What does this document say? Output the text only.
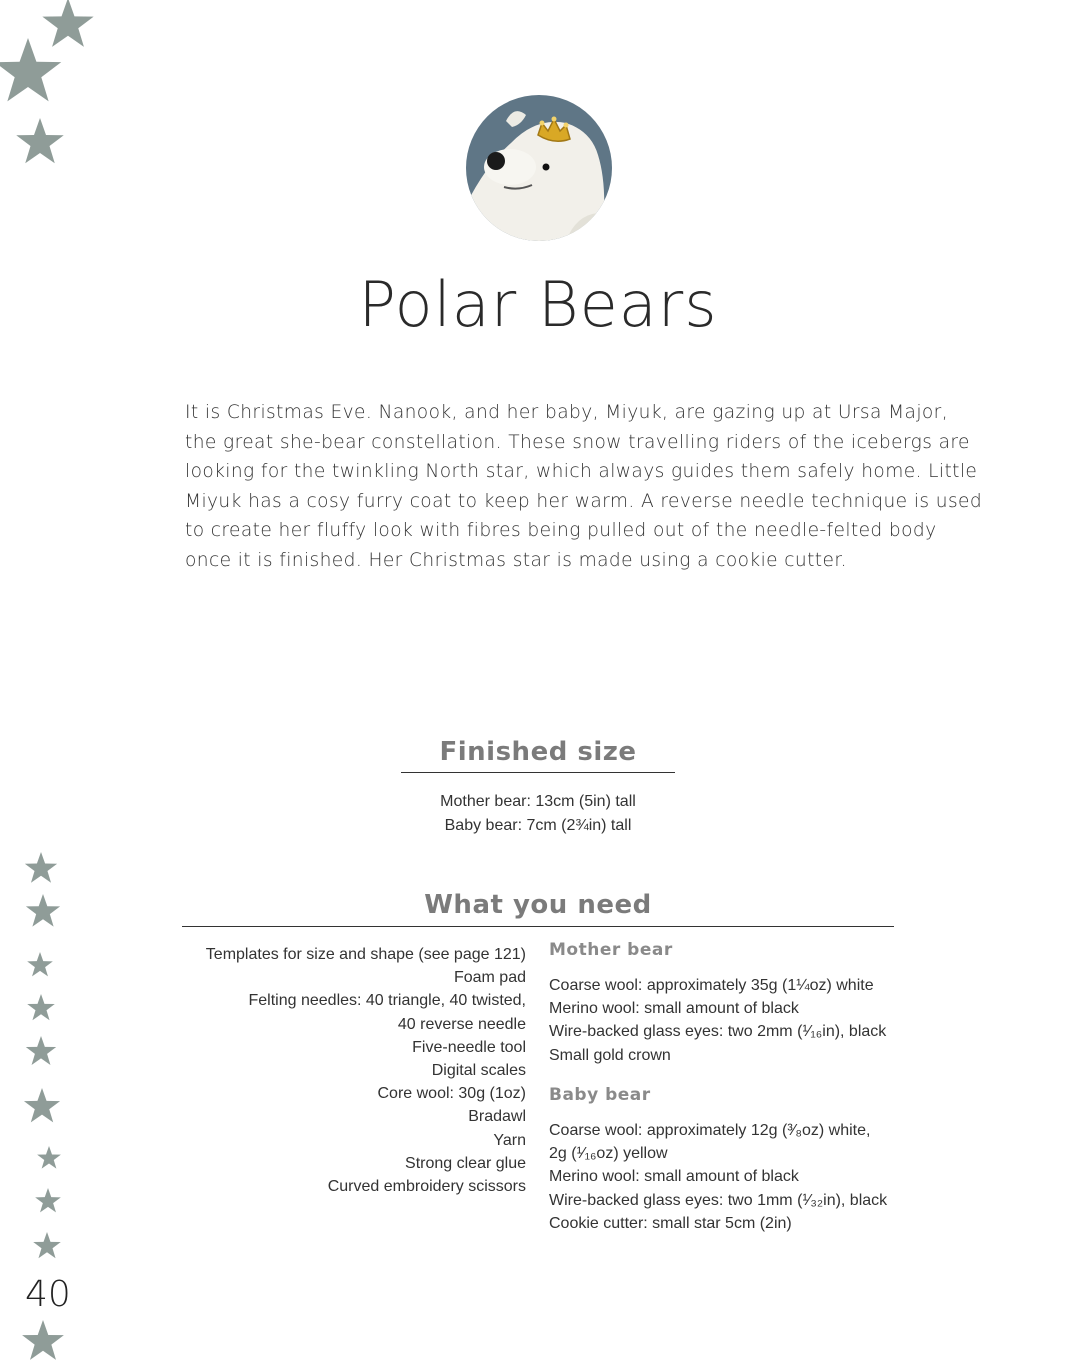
Polar Bears
It is Christmas Eve. Nanook, and her baby, Miyuk, are gazing up at Ursa Major,
the great she-bear constellation. These snow travelling riders of the icebergs are
looking for the twinkling North star, which always guides them safely home. Little
Miyuk has a cosy furry coat to keep her warm. A reverse needle technique is used
to create her fluffy look with fibres being pulled out of the needle-felted body
once it is finished. Her Christmas star is made using a cookie cutter.
Finished size
Mother bear: 13cm (5in) tall
Baby bear: 7cm (2¾in) tall
What you need
Templates for size and shape (see page 121)
Foam pad
Felting needles: 40 triangle, 40 twisted,
40 reverse needle
Five-needle tool
Digital scales
Core wool: 30g (1oz)
Bradawl
Yarn
Strong clear glue
Curved embroidery scissors
Mother bear
Coarse wool: approximately 35g (1¼oz) white
Merino wool: small amount of black
Wire-backed glass eyes: two 2mm (¹⁄₁₆in), black
Small gold crown
Baby bear
Coarse wool: approximately 12g (³⁄₈oz) white,
2g (¹⁄₁₆oz) yellow
Merino wool: small amount of black
Wire-backed glass eyes: two 1mm (¹⁄₃₂in), black
Cookie cutter: small star 5cm (2in)
40
